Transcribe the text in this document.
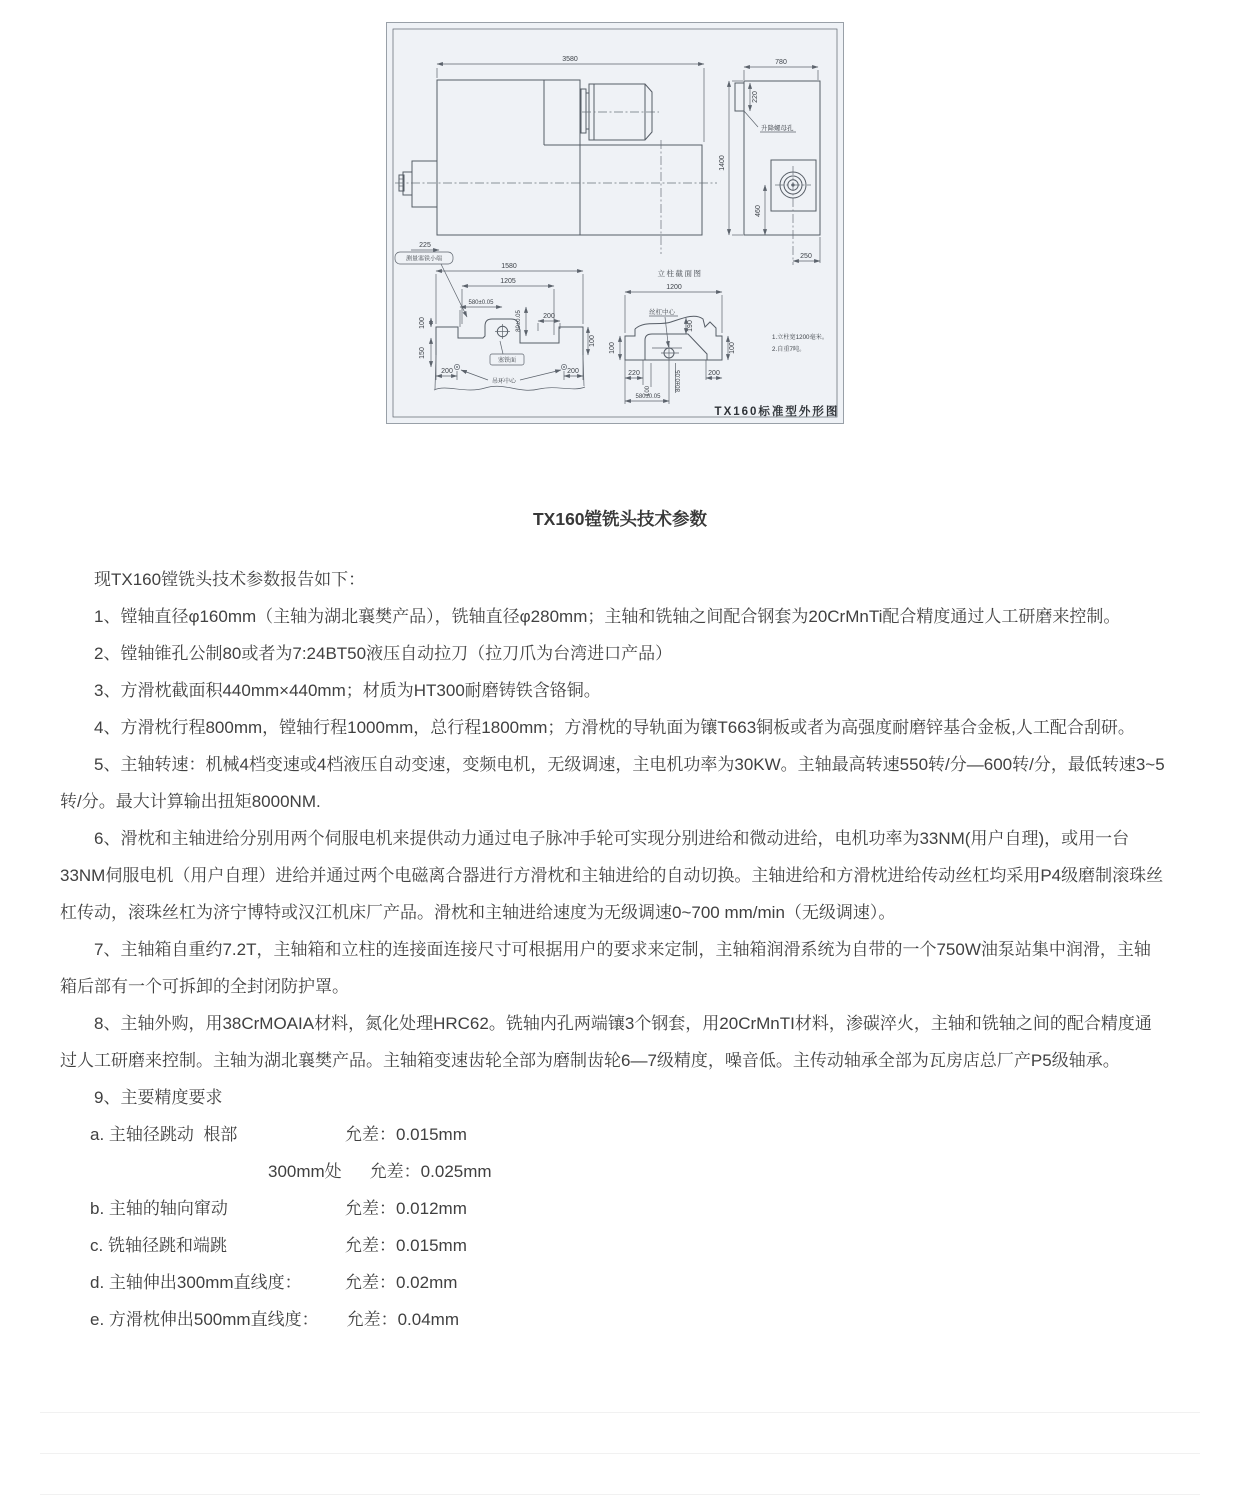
3580
225
测量塞铁小端
1580
1205
580±0.05
80±0.05	200
100
150
塞铁面
吊环中心
200	200
100
立柱截面图
1200
丝杠中心
190
100	100
220
100	80±0.05	200
580±0.05
1.立柱宽1200毫米。
2.自重7吨。
TX160标准型外形图
780
220
升降螺母孔
1400
460
250
TX160镗铣头技术参数

现TX160镗铣头技术参数报告如下：

1、镗轴直径φ160mm（主轴为湖北襄樊产品），铣轴直径φ280mm；主轴和铣轴之间配合钢套为20CrMnTi配合精度通过人工研磨来控制。

2、镗轴锥孔公制80或者为7:24BT50液压自动拉刀（拉刀爪为台湾进口产品）

3、方滑枕截面积440mm×440mm；材质为HT300耐磨铸铁含铬铜。

4、方滑枕行程800mm，镗轴行程1000mm，总行程1800mm；方滑枕的导轨面为镶T663铜板或者为高强度耐磨锌基合金板,人工配合刮研。

5、主轴转速：机械4档变速或4档液压自动变速，变频电机，无级调速，主电机功率为30KW。主轴最高转速550转/分—600转/分，最低转速3~5转/分。最大计算输出扭矩8000NM.

6、滑枕和主轴进给分别用两个伺服电机来提供动力通过电子脉冲手轮可实现分别进给和微动进给，电机功率为33NM(用户自理)，或用一台33NM伺服电机（用户自理）进给并通过两个电磁离合器进行方滑枕和主轴进给的自动切换。主轴进给和方滑枕进给传动丝杠均采用P4级磨制滚珠丝杠传动，滚珠丝杠为济宁博特或汉江机床厂产品。滑枕和主轴进给速度为无级调速0~700 mm/min（无级调速）。

7、主轴箱自重约7.2T，主轴箱和立柱的连接面连接尺寸可根据用户的要求来定制，主轴箱润滑系统为自带的一个750W油泵站集中润滑，主轴箱后部有一个可拆卸的全封闭防护罩。

8、主轴外购，用38CrMOAIA材料，氮化处理HRC62。铣轴内孔两端镶3个钢套，用20CrMnTI材料，渗碳淬火，主轴和铣轴之间的配合精度通过人工研磨来控制。主轴为湖北襄樊产品。主轴箱变速齿轮全部为磨制齿轮6—7级精度，噪音低。主传动轴承全部为瓦房店总厂产P5级轴承。

9、主要精度要求

a. 主轴径跳动  根部	允差：0.015mm
300mm处 允差：0.025mm
b. 主轴的轴向窜动	允差：0.012mm
c. 铣轴径跳和端跳	允差：0.015mm
d. 主轴伸出300mm直线度：	允差：0.02mm
e. 方滑枕伸出500mm直线度： 允差：0.04mm
